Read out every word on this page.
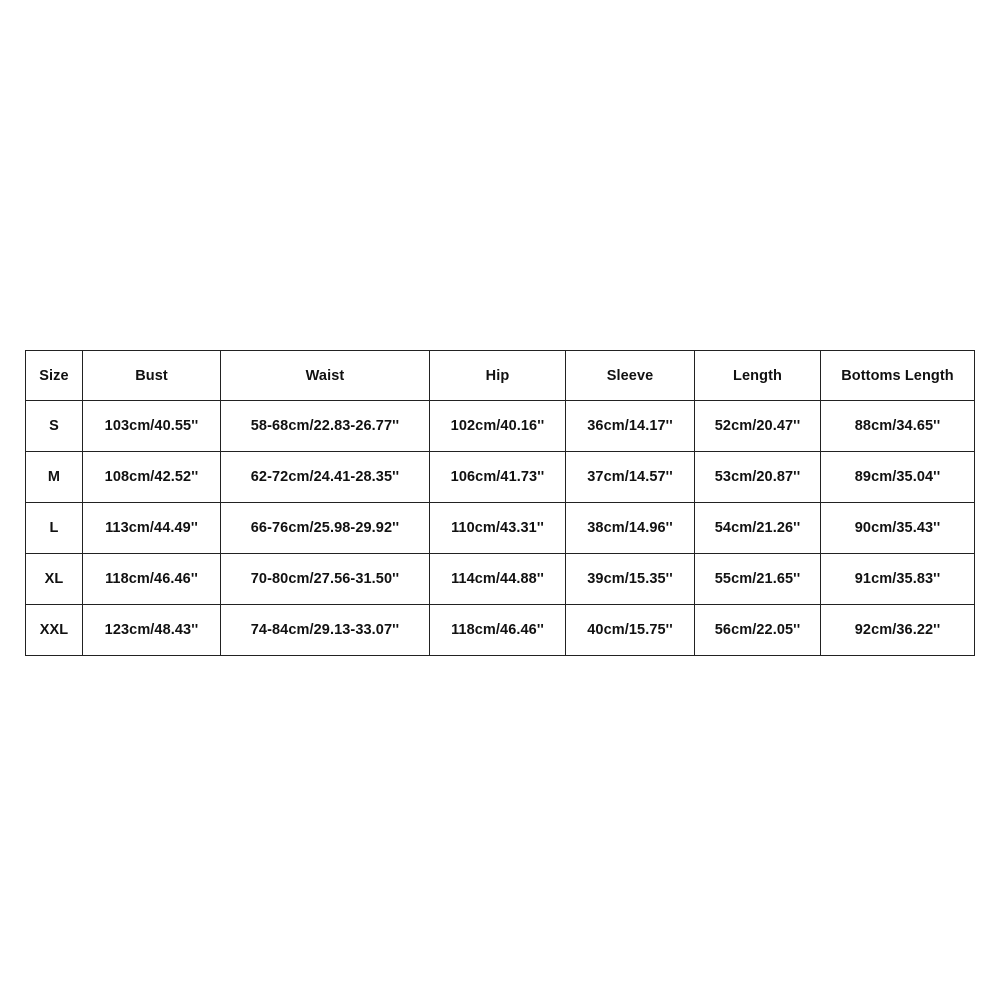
Size	Bust	Waist	Hip	Sleeve	Length	Bottoms Length
S	103cm/40.55''	58-68cm/22.83-26.77''	102cm/40.16''	36cm/14.17''	52cm/20.47''	88cm/34.65''
M	108cm/42.52''	62-72cm/24.41-28.35''	106cm/41.73''	37cm/14.57''	53cm/20.87''	89cm/35.04''
L	113cm/44.49''	66-76cm/25.98-29.92''	110cm/43.31''	38cm/14.96''	54cm/21.26''	90cm/35.43''
XL	118cm/46.46''	70-80cm/27.56-31.50''	114cm/44.88''	39cm/15.35''	55cm/21.65''	91cm/35.83''
XXL	123cm/48.43''	74-84cm/29.13-33.07''	118cm/46.46''	40cm/15.75''	56cm/22.05''	92cm/36.22''
